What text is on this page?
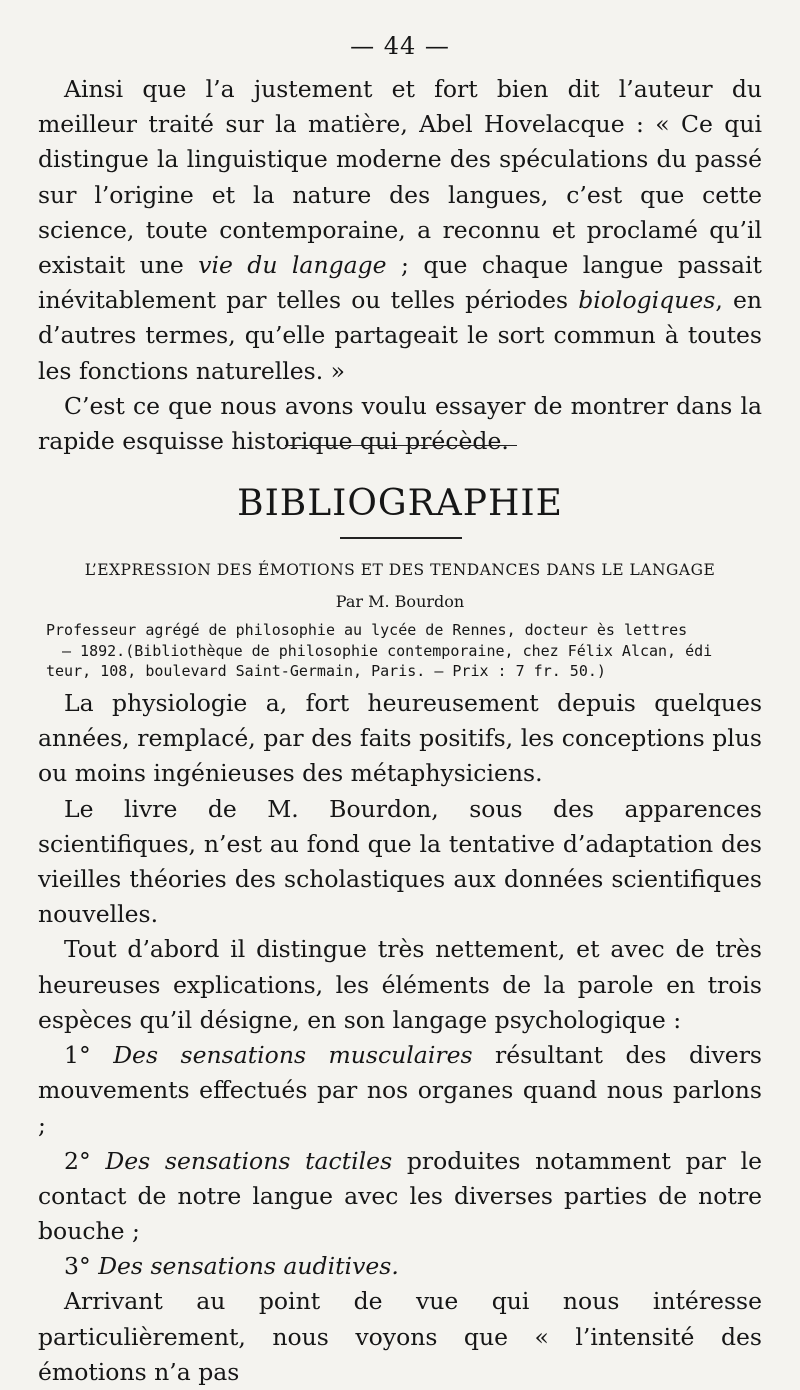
— 44 —

Ainsi que l’a justement et fort bien dit l’auteur du meilleur traité sur la matière, Abel Hovelacque : « Ce qui distingue la linguistique moderne des spéculations du passé sur l’origine et la nature des langues, c’est que cette science, toute contemporaine, a reconnu et proclamé qu’il existait une vie du langage ; que chaque langue passait inévitablement par telles ou telles périodes biologiques, en d’autres termes, qu’elle partageait le sort commun à toutes les fonctions naturelles. »

C’est ce que nous avons voulu essayer de montrer dans la rapide esquisse historique qui précède.

BIBLIOGRAPHIE
L’EXPRESSION DES ÉMOTIONS ET DES TENDANCES DANS LE LANGAGE
Par M. Bourdon
Professeur agrégé de philosophie au lycée de Rennes, docteur ès lettres
— 1892.(Bibliothèque de philosophie contemporaine, chez Félix Alcan, édi
teur, 108, boulevard Saint-Germain, Paris. — Prix : 7 fr. 50.)

La physiologie a, fort heureusement depuis quelques années, remplacé, par des faits positifs, les conceptions plus ou moins ingénieuses des métaphysiciens.

Le livre de M. Bourdon, sous des apparences scientifiques, n’est au fond que la tentative d’adaptation des vieilles théories des scholastiques aux données scientifiques nouvelles.

Tout d’abord il distingue très nettement, et avec de très heureuses explications, les éléments de la parole en trois espèces qu’il désigne, en son langage psychologique :

1° Des sensations musculaires résultant des divers mouvements effectués par nos organes quand nous parlons ;

2° Des sensations tactiles produites notamment par le contact de notre langue avec les diverses parties de notre bouche ;

3° Des sensations auditives.

Arrivant au point de vue qui nous intéresse particulièrement, nous voyons que « l’intensité des émotions n’a pas
